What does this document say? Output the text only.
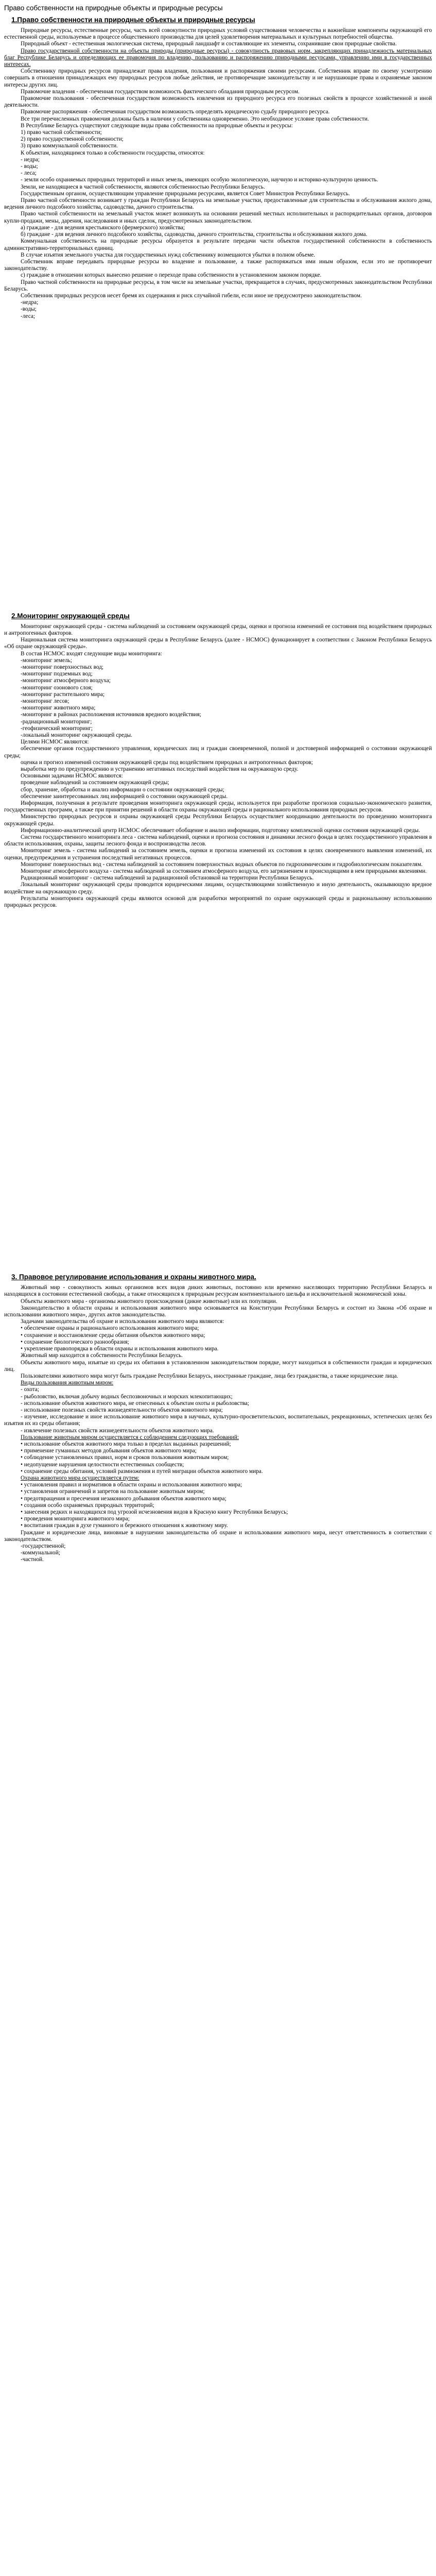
Право собственности на природные объекты и природные ресурсы
1.Право собственности на природные объекты и природные ресурсы

Природные ресурсы, естественные ресурсы, часть всей совокупности природных условий существования человечества и важнейшие компоненты окружающей его естественной среды, используемые в процессе общественного производства для целей удовлетворения материальных и культурных потребностей общества.

Природный объект - естественная экологическая система, природный ландшафт и составляющие их элементы, сохранившие свои природные свойства.

Право государственной собственности на объекты природы (природные ресурсы) - совокупность правовых норм, закрепляющих принадлежность материальных благ Республике Беларусь и определяющих ее правомочия по владению, пользованию и распоряжению природными ресурсами, управлению ими в государственных интересах.

Собственнику природных ресурсов принадлежат права владения, пользования и распоряжения своими ресурсами. Собственник вправе по своему усмотрению совершать в отношении принадлежащих ему природных ресурсов любые действия, не противоречащие законодательству и не нарушающие права и охраняемые законом интересы других лиц.

Правомочие владения - обеспеченная государством возможность фактического обладания природным ресурсом.

Правомочие пользования - обеспеченная государством возможность извлечения из природного ресурса его полезных свойств в процессе хозяйственной и иной деятельности.

Правомочие распоряжения - обеспеченная государством возможность определять юридическую судьбу природного ресурса.

Все три перечисленных правомочия должны быть в наличии у собственника одновременно. Это необходимое условие права собственности.

В Республике Беларусь существуют следующие виды права собственности на природные объекты и ресурсы:

1) право частной собственности;

2) право государственной собственности;

3) право коммунальной собственности.

К объектам, находящимся только в собственности государства, относятся:

- недра;

- воды;

- леса;

- земли особо охраняемых природных территорий и иных земель, имеющих особую экологическую, научную и историко-культурную ценность.

Земли, не находящиеся в частной собственности, являются собственностью Республики Беларусь.

Государственным органом, осуществляющим управление природными ресурсами, является Совет Министров Республики Беларусь.

Право частной собственности возникает у граждан Республики Беларусь на земельные участки, предоставленные для строительства и обслуживания жилого дома, ведения личного подсобного хозяйства, садоводства, дачного строительства.

Право частной собственности на земельный участок может возникнуть на основании решений местных исполнительных и распорядительных органов, договоров купли-продажи, мены, дарения, наследования и иных сделок, предусмотренных законодательством.

а) граждане - для ведения крестьянского (фермерского) хозяйства;

б) граждане - для ведения личного подсобного хозяйства, садоводства, дачного строительства, строительства и обслуживания жилого дома.

Коммунальная собственность на природные ресурсы образуется в результате передачи части объектов государственной собственности в собственность административно-территориальных единиц.

В случае изъятия земельного участка для государственных нужд собственнику возмещаются убытки в полном объеме.

Собственник вправе передавать природные ресурсы во владение и пользование, а также распоряжаться ими иным образом, если это не противоречит законодательству.

с) граждане в отношении которых вынесено решение о переходе права собственности в установленном законом порядке.

Право частной собственности на природные ресурсы, в том числе на земельные участки, прекращается в случаях, предусмотренных законодательством Республики Беларусь.

Собственник природных ресурсов несет бремя их содержания и риск случайной гибели, если иное не предусмотрено законодательством.

-недра;

-воды;

-леса;

2.Мониторинг окружающей среды

Мониторинг окружающей среды - система наблюдений за состоянием окружающей среды, оценки и прогноза изменений ее состояния под воздействием природных и антропогенных факторов.

Национальная система мониторинга окружающей среды в Республике Беларусь (далее - НСМОС) функционирует в соответствии с Законом Республики Беларусь «Об охране окружающей среды».

В состав НСМОС входят следующие виды мониторинга:

-мониторинг земель;

-мониторинг поверхностных вод;

-мониторинг подземных вод;

-мониторинг атмосферного воздуха;

-мониторинг озонового слоя;

-мониторинг растительного мира;

-мониторинг лесов;

-мониторинг животного мира;

-мониторинг в районах расположения источников вредного воздействия;

-радиационный мониторинг;

-геофизический мониторинг;

-локальный мониторинг окружающей среды.

Целями НСМОС являются:

обеспечение органов государственного управления, юридических лиц и граждан своевременной, полной и достоверной информацией о состоянии окружающей среды;

оценка и прогноз изменений состояния окружающей среды под воздействием природных и антропогенных факторов;

выработка мер по предупреждению и устранению негативных последствий воздействия на окружающую среду.

Основными задачами НСМОС являются:

проведение наблюдений за состоянием окружающей среды;

сбор, хранение, обработка и анализ информации о состоянии окружающей среды;

обеспечение заинтересованных лиц информацией о состоянии окружающей среды.

Информация, полученная в результате проведения мониторинга окружающей среды, используется при разработке прогнозов социально-экономического развития, государственных программ, а также при принятии решений в области охраны окружающей среды и рационального использования природных ресурсов.

Министерство природных ресурсов и охраны окружающей среды Республики Беларусь осуществляет координацию деятельности по проведению мониторинга окружающей среды.

Информационно-аналитический центр НСМОС обеспечивает обобщение и анализ информации, подготовку комплексной оценки состояния окружающей среды.

Система государственного мониторинга леса - система наблюдений, оценки и прогноза состояния и динамики лесного фонда в целях государственного управления в области использования, охраны, защиты лесного фонда и воспроизводства лесов.

Мониторинг земель - система наблюдений за состоянием земель, оценки и прогноза изменений их состояния в целях своевременного выявления изменений, их оценки, предупреждения и устранения последствий негативных процессов.

Мониторинг поверхностных вод - система наблюдений за состоянием поверхностных водных объектов по гидрохимическим и гидробиологическим показателям.

Мониторинг атмосферного воздуха - система наблюдений за состоянием атмосферного воздуха, его загрязнением и происходящими в нем природными явлениями.

Радиационный мониторинг - система наблюдений за радиационной обстановкой на территории Республики Беларусь.

Локальный мониторинг окружающей среды проводится юридическими лицами, осуществляющими хозяйственную и иную деятельность, оказывающую вредное воздействие на окружающую среду.

Результаты мониторинга окружающей среды являются основой для разработки мероприятий по охране окружающей среды и рациональному использованию природных ресурсов.

3. Правовое регулирование использования и охраны животного мира.

Животный мир - совокупность живых организмов всех видов диких животных, постоянно или временно населяющих территорию Республики Беларусь и находящихся в состоянии естественной свободы, а также относящихся к природным ресурсам континентального шельфа и исключительной экономической зоны.

Объекты животного мира - организмы животного происхождения (дикие животные) или их популяции.

Законодательство в области охраны и использования животного мира основывается на Конституции Республики Беларусь и состоит из Закона «Об охране и использовании животного мира», других актов законодательства.

Задачами законодательства об охране и использовании животного мира являются:

• обеспечение охраны и рационального использования животного мира;

• сохранение и восстановление среды обитания объектов животного мира;

• сохранение биологического разнообразия;

• укрепление правопорядка в области охраны и использования животного мира.

Животный мир находится в собственности Республики Беларусь.

Объекты животного мира, изъятые из среды их обитания в установленном законодательством порядке, могут находиться в собственности граждан и юридических лиц.

Пользователями животного мира могут быть граждане Республики Беларусь, иностранные граждане, лица без гражданства, а также юридические лица.

Виды пользования животным миром:

- охота;

- рыболовство, включая добычу водных беспозвоночных и морских млекопитающих;

- использование объектов животного мира, не отнесенных к объектам охоты и рыболовства;

- использование полезных свойств жизнедеятельности объектов животного мира;

- изучение, исследование и иное использование животного мира в научных, культурно-просветительских, воспитательных, рекреационных, эстетических целях без изъятия их из среды обитания;

- извлечение полезных свойств жизнедеятельности объектов животного мира.

Пользование животным миром осуществляется с соблюдением следующих требований:

• использование объектов животного мира только в пределах выданных разрешений;

• применение гуманных методов добывания объектов животного мира;

• соблюдение установленных правил, норм и сроков пользования животным миром;

• недопущение нарушения целостности естественных сообществ;

• сохранение среды обитания, условий размножения и путей миграции объектов животного мира.

Охрана животного мира осуществляется путем:

• установления правил и нормативов в области охраны и использования животного мира;

• установления ограничений и запретов на пользование животным миром;

• предотвращения и пресечения незаконного добывания объектов животного мира;

• создания особо охраняемых природных территорий;

• занесения редких и находящихся под угрозой исчезновения видов в Красную книгу Республики Беларусь;

• проведения мониторинга животного мира;

• воспитания граждан в духе гуманного и бережного отношения к животному миру.

Граждане и юридические лица, виновные в нарушении законодательства об охране и использовании животного мира, несут ответственность в соответствии с законодательством.

-государственной;

-коммунальной;

-частной.
